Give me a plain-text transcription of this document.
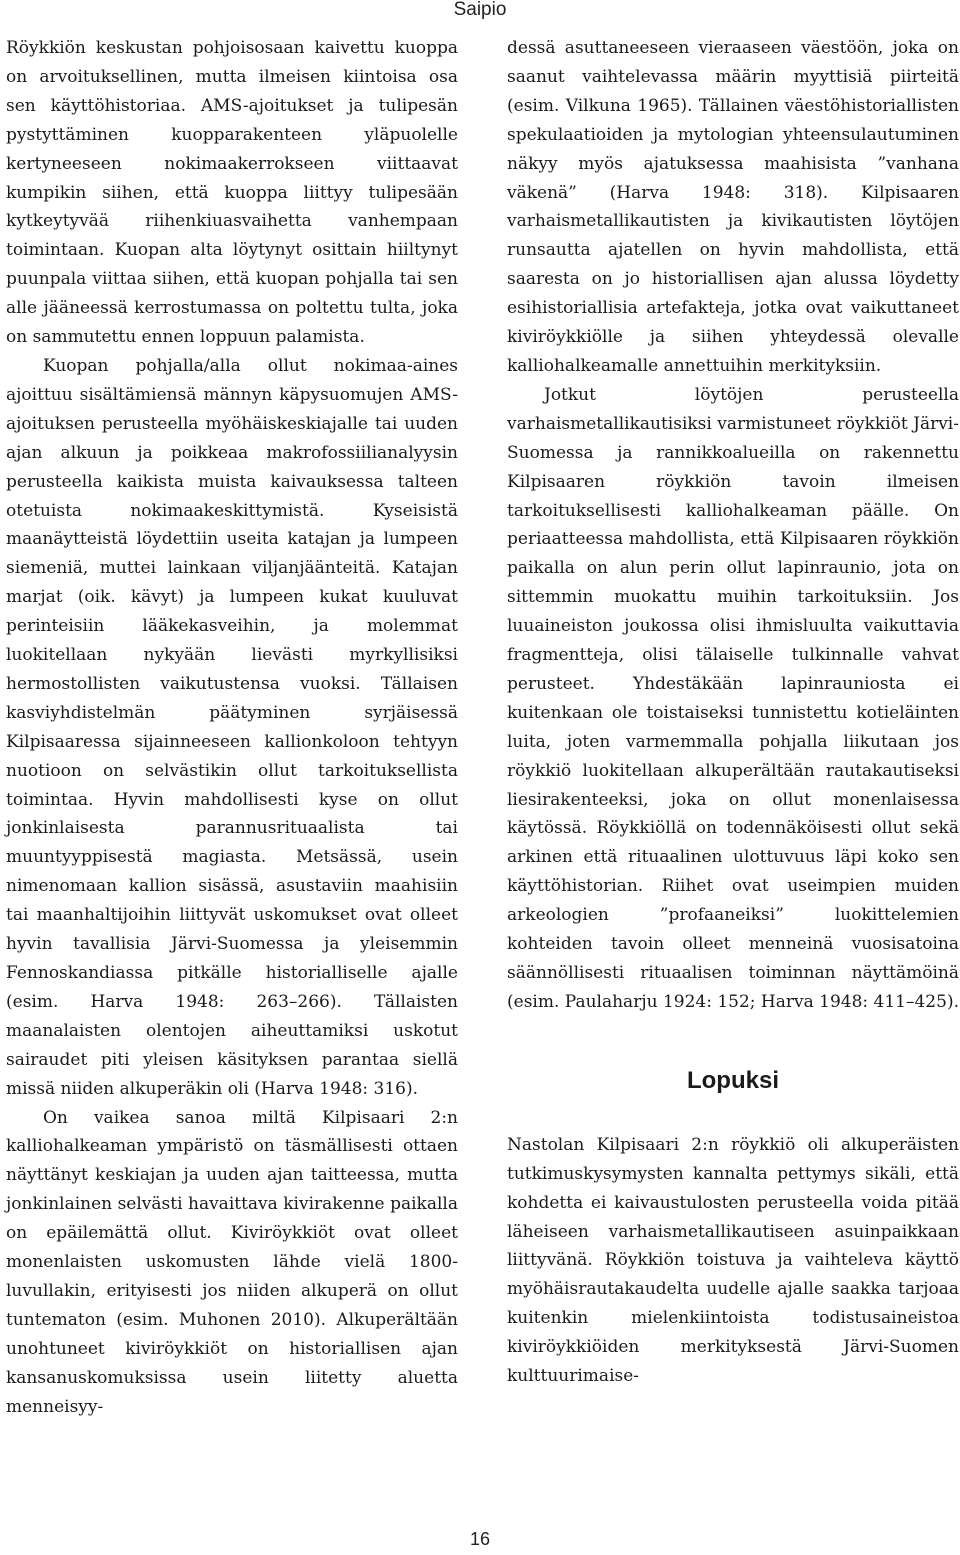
Saipio

Röykkiön keskustan pohjoisosaan kaivettu kuoppa on arvoituksellinen, mutta ilmeisen kiintoisa osa sen käyttöhistoriaa. AMS-ajoitukset ja tulipesän pystyttäminen kuopparakenteen yläpuolelle kertyneeseen nokimaakerrokseen viittaavat kumpikin siihen, että kuoppa liittyy tulipesään kytkeytyvää riihenkiuasvaihetta vanhempaan toimintaan. Kuopan alta löytynyt osittain hiiltynyt puunpala viittaa siihen, että kuopan pohjalla tai sen alle jääneessä kerrostumassa on poltettu tulta, joka on sammutettu ennen loppuun palamista.

Kuopan pohjalla/alla ollut nokimaa-aines ajoittuu sisältämiensä männyn käpysuomujen AMS-ajoituksen perusteella myöhäiskeskiajalle tai uuden ajan alkuun ja poikkeaa makrofossiilianalyysin perusteella kaikista muista kaivauksessa talteen otetuista nokimaakeskittymistä. Kyseisistä maanäytteistä löydettiin useita katajan ja lumpeen siemeniä, muttei lainkaan viljanjäänteitä. Katajan marjat (oik. kävyt) ja lumpeen kukat kuuluvat perinteisiin lääkekasveihin, ja molemmat luokitellaan nykyään lievästi myrkyllisiksi hermostollisten vaikutustensa vuoksi. Tällaisen kasviyhdistelmän päätyminen syrjäisessä Kilpisaaressa sijainneeseen kallionkoloon tehtyyn nuotioon on selvästikin ollut tarkoituksellista toimintaa. Hyvin mahdollisesti kyse on ollut jonkinlaisesta parannusrituaalista tai muuntyyppisestä magiasta. Metsässä, usein nimenomaan kallion sisässä, asustaviin maahisiin tai maanhaltijoihin liittyvät uskomukset ovat olleet hyvin tavallisia Järvi-Suomessa ja yleisemmin Fennoskandiassa pitkälle historialliselle ajalle (esim. Harva 1948: 263–266). Tällaisten maanalaisten olentojen aiheuttamiksi uskotut sairaudet piti yleisen käsityksen parantaa siellä missä niiden alkuperäkin oli (Harva 1948: 316).

On vaikea sanoa miltä Kilpisaari 2:n kalliohalkeaman ympäristö on täsmällisesti ottaen näyttänyt keskiajan ja uuden ajan taitteessa, mutta jonkinlainen selvästi havaittava kivirakenne paikalla on epäilemättä ollut. Kiviröykkiöt ovat olleet monenlaisten uskomusten lähde vielä 1800-luvullakin, erityisesti jos niiden alkuperä on ollut tuntematon (esim. Muhonen 2010). Alkuperältään unohtuneet kiviröykkiöt on historiallisen ajan kansanuskomuksissa usein liitetty aluetta menneisyy-

dessä asuttaneeseen vieraaseen väestöön, joka on saanut vaihtelevassa määrin myyttisiä piirteitä (esim. Vilkuna 1965). Tällainen väestöhistoriallisten spekulaatioiden ja mytologian yhteensulautuminen näkyy myös ajatuksessa maahisista ”vanhana väkenä” (Harva 1948: 318). Kilpisaaren varhaismetallikautisten ja kivikautisten löytöjen runsautta ajatellen on hyvin mahdollista, että saaresta on jo historiallisen ajan alussa löydetty esihistoriallisia artefakteja, jotka ovat vaikuttaneet kiviröykkiölle ja siihen yhteydessä olevalle kalliohalkeamalle annettuihin merkityksiin.

Jotkut löytöjen perusteella varhaismetallikautisiksi varmistuneet röykkiöt Järvi-Suomessa ja rannikkoalueilla on rakennettu Kilpisaaren röykkiön tavoin ilmeisen tarkoituksellisesti kalliohalkeaman päälle. On periaatteessa mahdollista, että Kilpisaaren röykkiön paikalla on alun perin ollut lapinraunio, jota on sittemmin muokattu muihin tarkoituksiin. Jos luuaineiston joukossa olisi ihmisluulta vaikuttavia fragmentteja, olisi tälaiselle tulkinnalle vahvat perusteet. Yhdestäkään lapinrauniosta ei kuitenkaan ole toistaiseksi tunnistettu kotieläinten luita, joten varmemmalla pohjalla liikutaan jos röykkiö luokitellaan alkuperältään rautakautiseksi liesirakenteeksi, joka on ollut monenlaisessa käytössä. Röykkiöllä on todennäköisesti ollut sekä arkinen että rituaalinen ulottuvuus läpi koko sen käyttöhistorian. Riihet ovat useimpien muiden arkeologien ”profaaneiksi” luokittelemien kohteiden tavoin olleet menneinä vuosisatoina säännöllisesti rituaalisen toiminnan näyttämöinä (esim. Paulaharju 1924: 152; Harva 1948: 411–425).

Lopuksi

Nastolan Kilpisaari 2:n röykkiö oli alkuperäisten tutkimuskysymysten kannalta pettymys sikäli, että kohdetta ei kaivaustulosten perusteella voida pitää läheiseen varhaismetallikautiseen asuinpaikkaan liittyvänä. Röykkiön toistuva ja vaihteleva käyttö myöhäisrautakaudelta uudelle ajalle saakka tarjoaa kuitenkin mielenkiintoista todistusaineistoa kiviröykkiöiden merkityksestä Järvi-Suomen kulttuurimaise-

16
